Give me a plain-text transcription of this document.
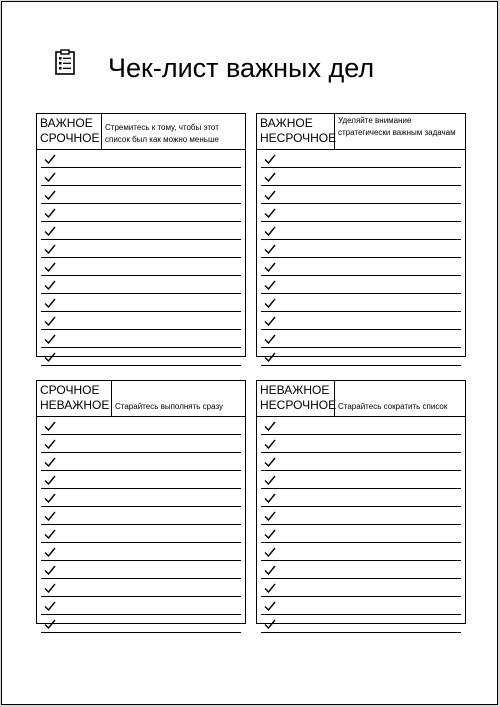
Чек-лист важных дел
ВАЖНОЕ
СРОЧНОЕ
Стремитесь к тому, чтобы этот список был как можно меньше
ВАЖНОЕ
НЕСРОЧНОЕ
Уделяйте внимание стратегически важным задачам
СРОЧНОЕ
НЕВАЖНОЕ Старайтесь выполнять сразу
НЕВАЖНОЕ
НЕСРОЧНОЕ Старайтесь сократить список
